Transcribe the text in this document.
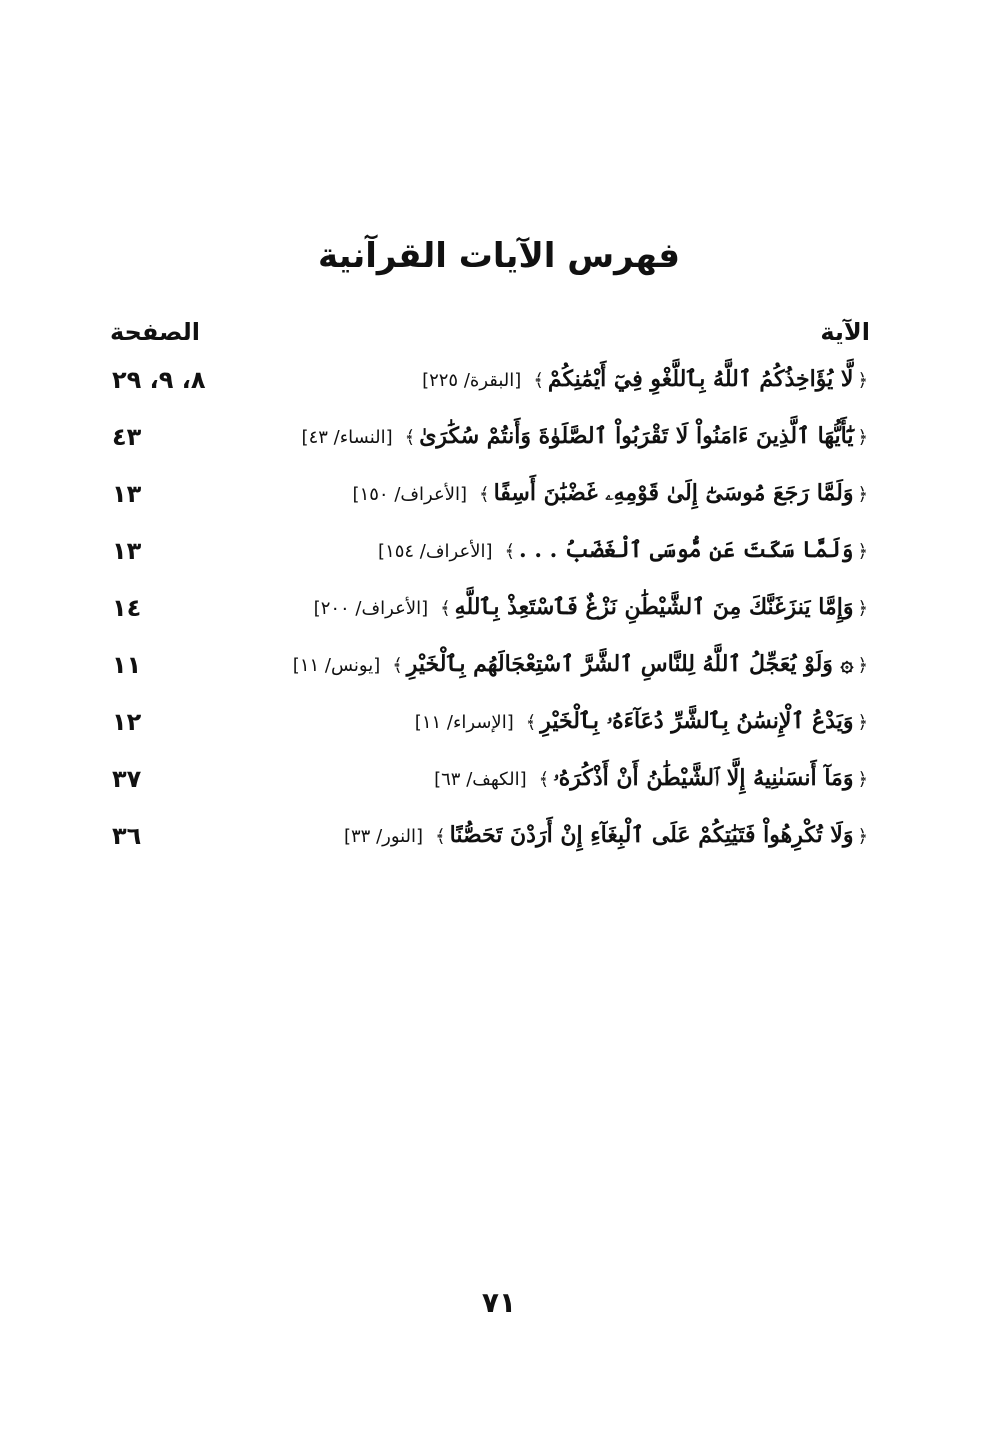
فهرس الآيات القرآنية
الآية
الصفحة
﴿لَّا يُؤَاخِذُكُمُ ٱللَّهُ بِٱللَّغْوِ فِيٓ أَيْمَٰنِكُمْ﴾[البقرة/ ٢٢٥]
٨، ٩، ٢٩
﴿يَٰٓأَيُّهَا ٱلَّذِينَ ءَامَنُواْ لَا تَقْرَبُواْ ٱلصَّلَوٰةَ وَأَنتُمْ سُكَٰرَىٰ﴾[النساء/ ٤٣]
٤٣
﴿وَلَمَّا رَجَعَ مُوسَىٰٓ إِلَىٰ قَوْمِهِۦ غَضْبَٰنَ أَسِفًا﴾[الأعراف/ ١٥٠]
١٣
﴿وَلَمَّا سَكَتَ عَن مُّوسَى ٱلْغَضَبُ . . .﴾[الأعراف/ ١٥٤]
١٣
﴿وَإِمَّا يَنزَغَنَّكَ مِنَ ٱلشَّيْطَٰنِ نَزْغٌ فَٱسْتَعِذْ بِٱللَّهِ﴾[الأعراف/ ٢٠٠]
١٤
﴿۞ وَلَوْ يُعَجِّلُ ٱللَّهُ لِلنَّاسِ ٱلشَّرَّ ٱسْتِعْجَالَهُم بِٱلْخَيْرِ﴾[يونس/ ١١]
١١
﴿وَيَدْعُ ٱلْإِنسَٰنُ بِٱلشَّرِّ دُعَآءَهُۥ بِٱلْخَيْرِ﴾[الإسراء/ ١١]
١٢
﴿وَمَآ أَنسَىٰنِيهُ إِلَّا ٱلشَّيْطَٰنُ أَنْ أَذْكُرَهُۥ﴾[الكهف/ ٦٣]
٣٧
﴿وَلَا تُكْرِهُواْ فَتَيَٰتِكُمْ عَلَى ٱلْبِغَآءِ إِنْ أَرَدْنَ تَحَصُّنًا﴾[النور/ ٣٣]
٣٦
٧١
